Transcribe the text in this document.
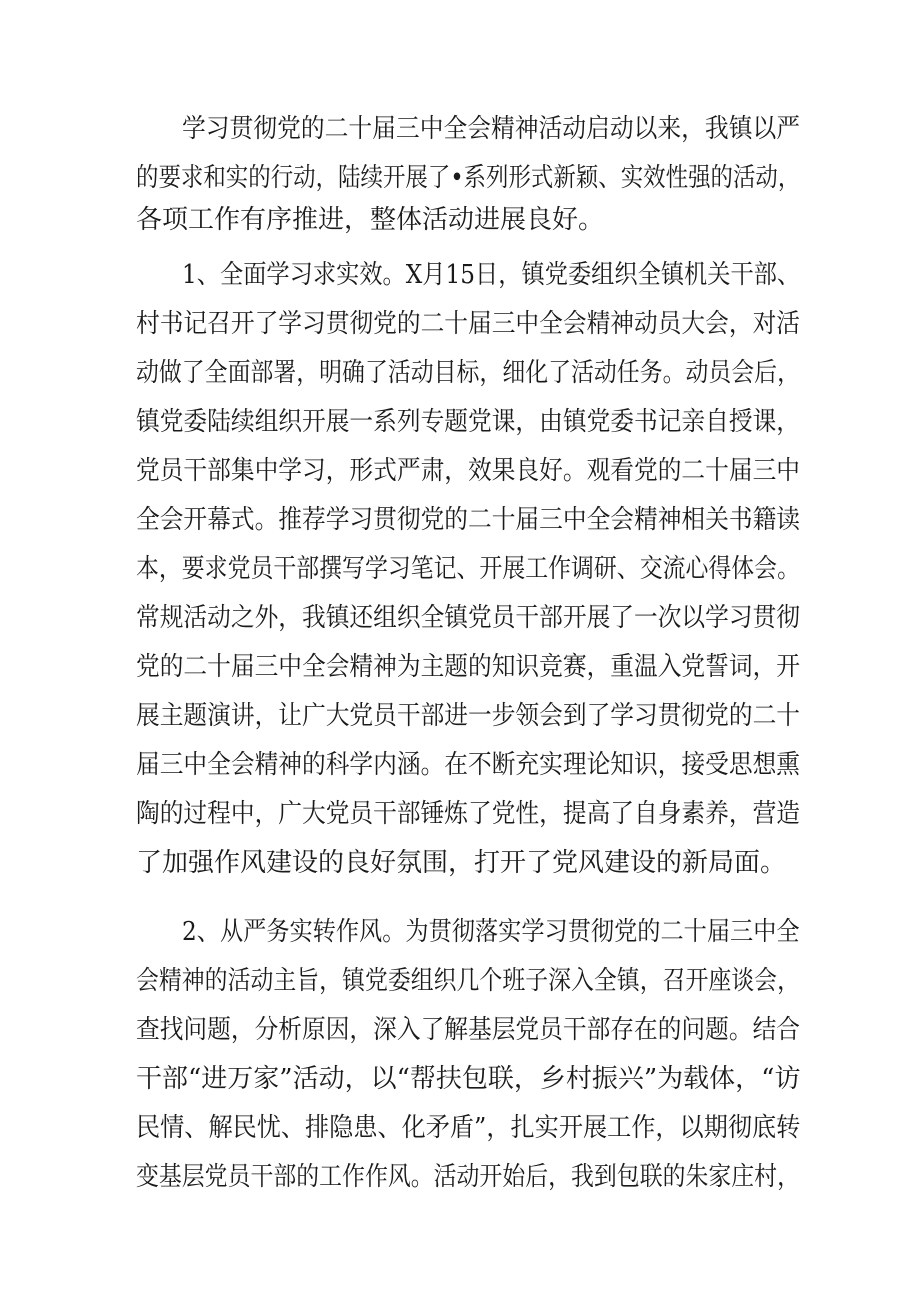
学习贯彻党的二十届三中全会精神活动启动以来，我镇以严
的要求和实的行动，陆续开展了•系列形式新颖、实效性强的活动，
各项工作有序推进，整体活动进展良好。
1、全面学习求实效。X月15日，镇党委组织全镇机关干部、
村书记召开了学习贯彻党的二十届三中全会精神动员大会，对活
动做了全面部署，明确了活动目标，细化了活动任务。动员会后，
镇党委陆续组织开展一系列专题党课，由镇党委书记亲自授课，
党员干部集中学习，形式严肃，效果良好。观看党的二十届三中
全会开幕式。推荐学习贯彻党的二十届三中全会精神相关书籍读
本，要求党员干部撰写学习笔记、开展工作调研、交流心得体会。
常规活动之外，我镇还组织全镇党员干部开展了一次以学习贯彻
党的二十届三中全会精神为主题的知识竞赛，重温入党誓词，开
展主题演讲，让广大党员干部进一步领会到了学习贯彻党的二十
届三中全会精神的科学内涵。在不断充实理论知识，接受思想熏
陶的过程中，广大党员干部锤炼了党性，提高了自身素养，营造
了加强作风建设的良好氛围，打开了党风建设的新局面。
2、从严务实转作风。为贯彻落实学习贯彻党的二十届三中全
会精神的活动主旨，镇党委组织几个班子深入全镇，召开座谈会，
查找问题，分析原因，深入了解基层党员干部存在的问题。结合
干部“进万家”活动，以“帮扶包联，乡村振兴”为载体，“访
民情、解民忧、排隐患、化矛盾”，扎实开展工作，以期彻底转
变基层党员干部的工作作风。活动开始后，我到包联的朱家庄村，
